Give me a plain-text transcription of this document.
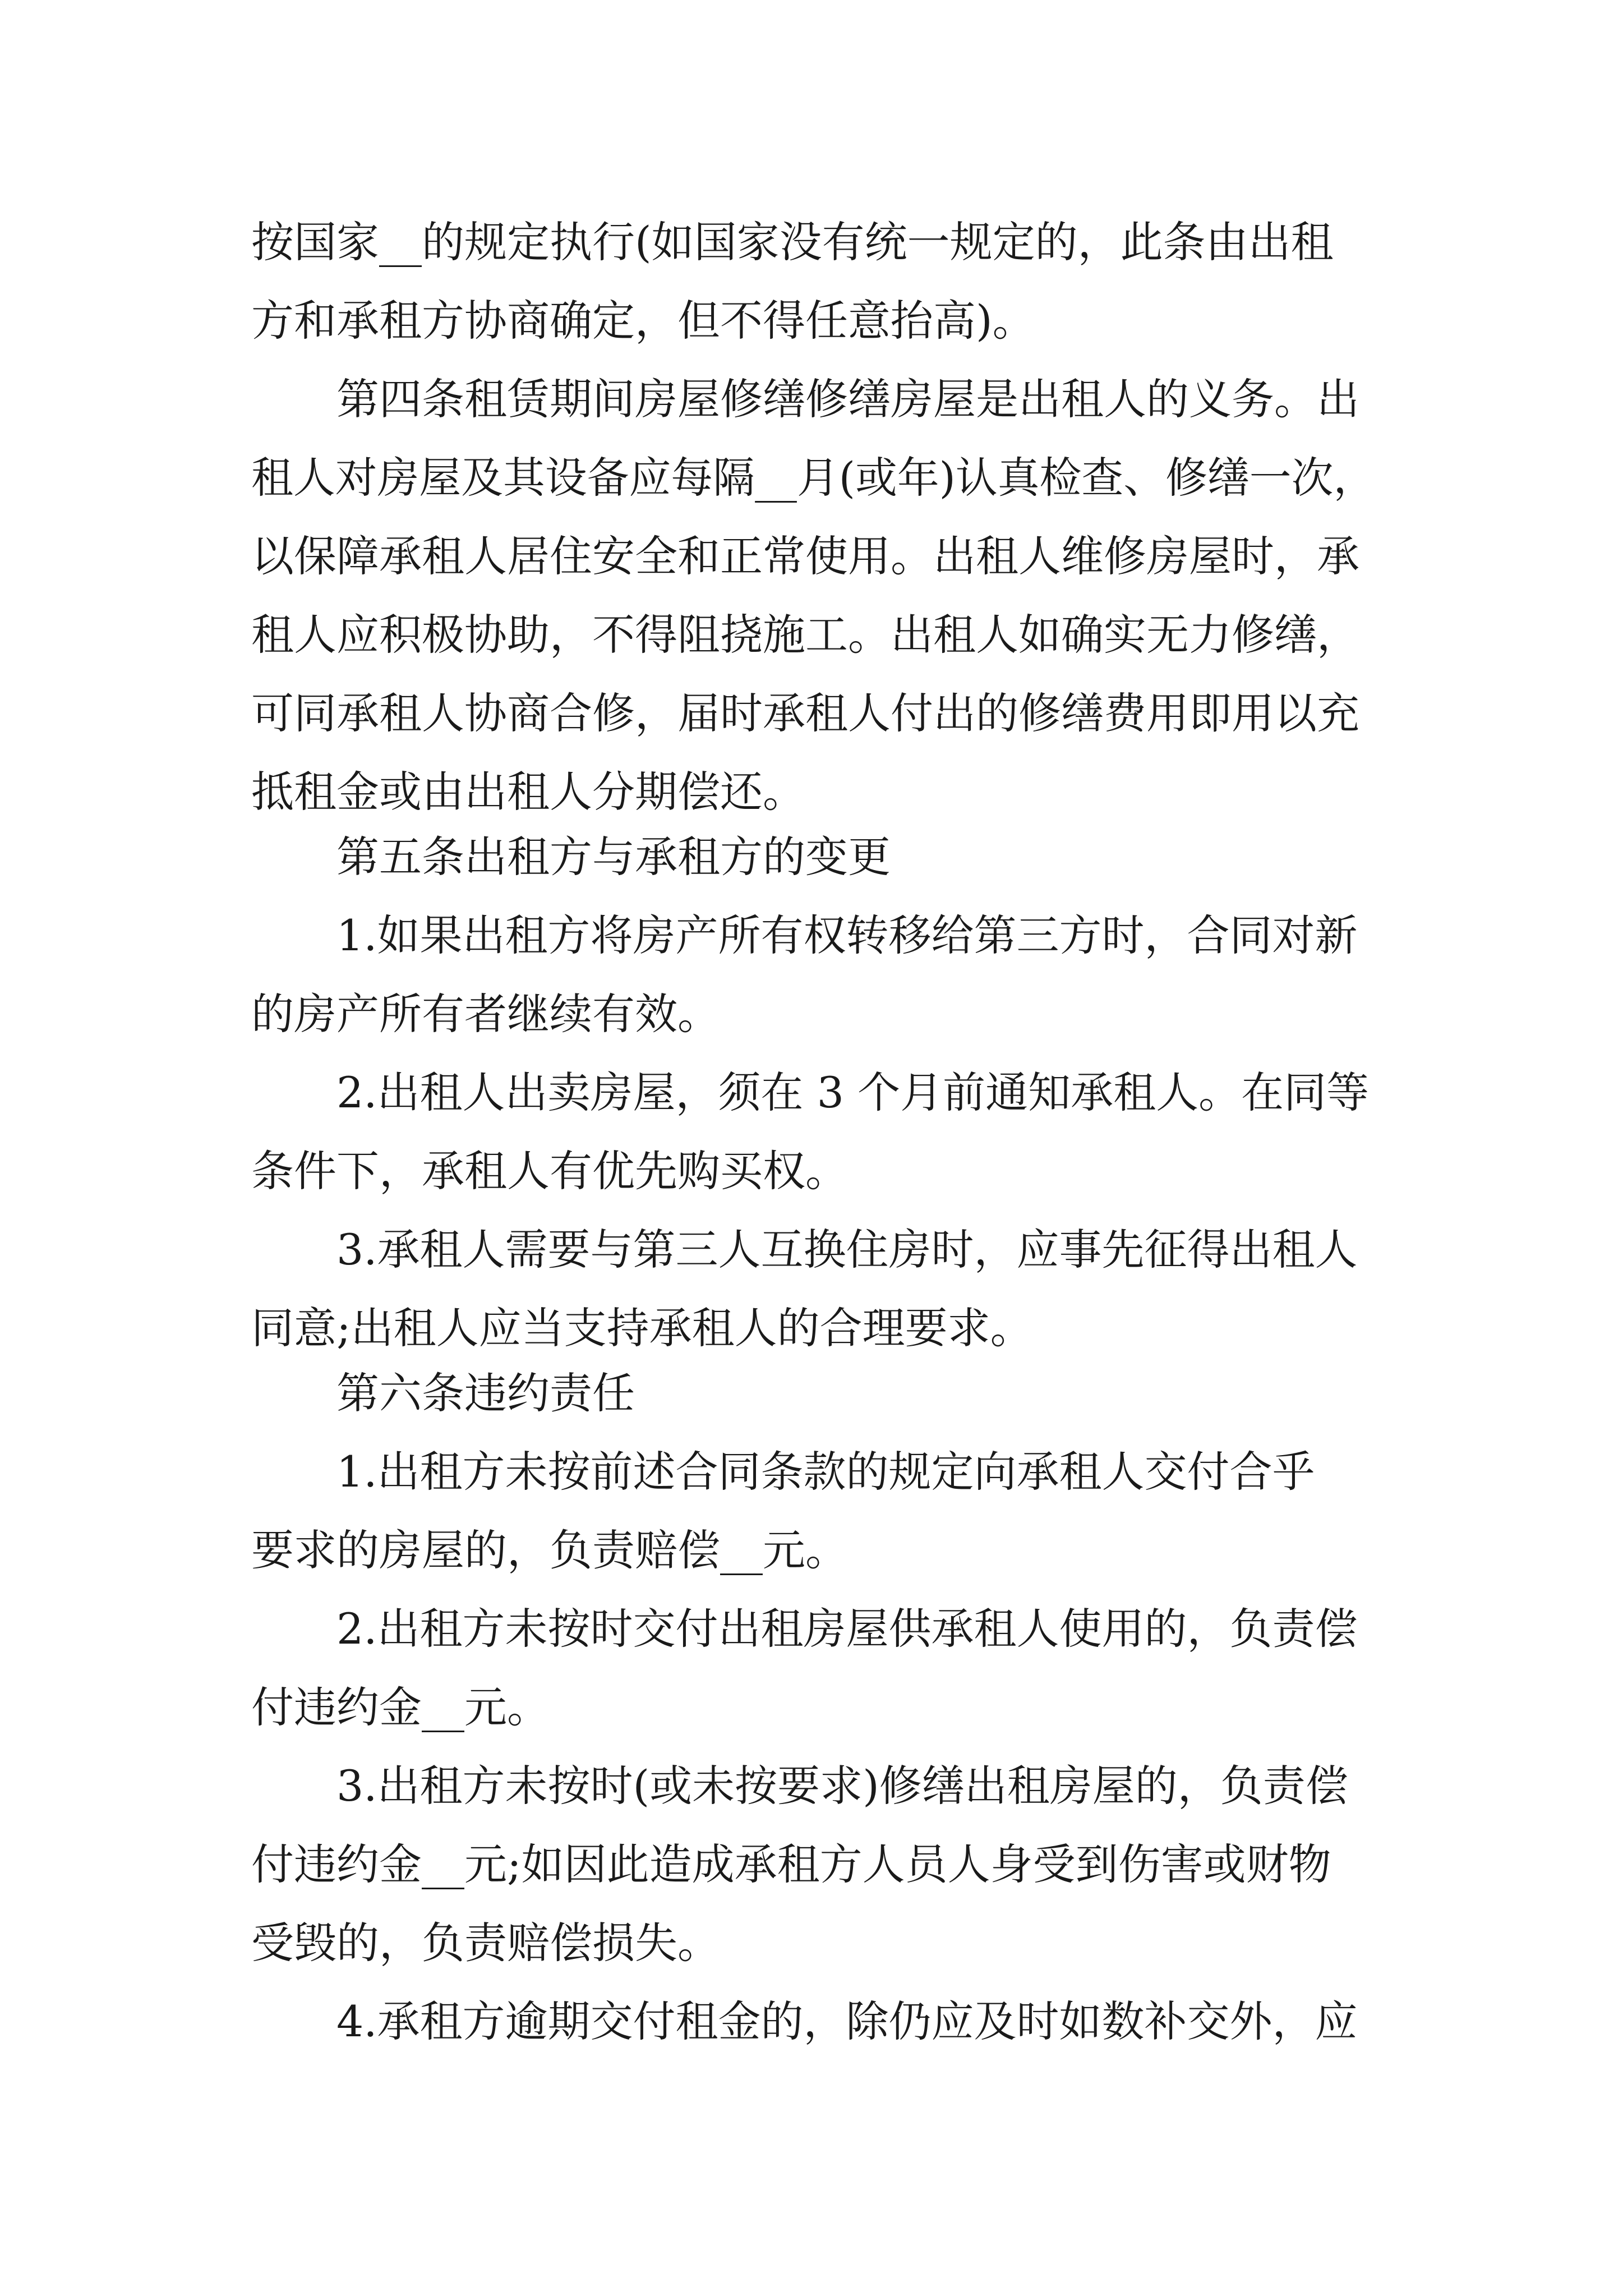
按国家__的规定执行(如国家没有统一规定的，此条由出租
方和承租方协商确定，但不得任意抬高)。
第四条租赁期间房屋修缮修缮房屋是出租人的义务。出
租人对房屋及其设备应每隔__月(或年)认真检查、修缮一次，
以保障承租人居住安全和正常使用。出租人维修房屋时，承
租人应积极协助，不得阻挠施工。出租人如确实无力修缮，
可同承租人协商合修，届时承租人付出的修缮费用即用以充
抵租金或由出租人分期偿还。
第五条出租方与承租方的变更
1.如果出租方将房产所有权转移给第三方时，合同对新
的房产所有者继续有效。
2.出租人出卖房屋，须在 3 个月前通知承租人。在同等
条件下，承租人有优先购买权。
3.承租人需要与第三人互换住房时，应事先征得出租人
同意;出租人应当支持承租人的合理要求。
第六条违约责任
1.出租方未按前述合同条款的规定向承租人交付合乎
要求的房屋的，负责赔偿__元。
2.出租方未按时交付出租房屋供承租人使用的，负责偿
付违约金__元。
3.出租方未按时(或未按要求)修缮出租房屋的，负责偿
付违约金__元;如因此造成承租方人员人身受到伤害或财物
受毁的，负责赔偿损失。
4.承租方逾期交付租金的，除仍应及时如数补交外，应
